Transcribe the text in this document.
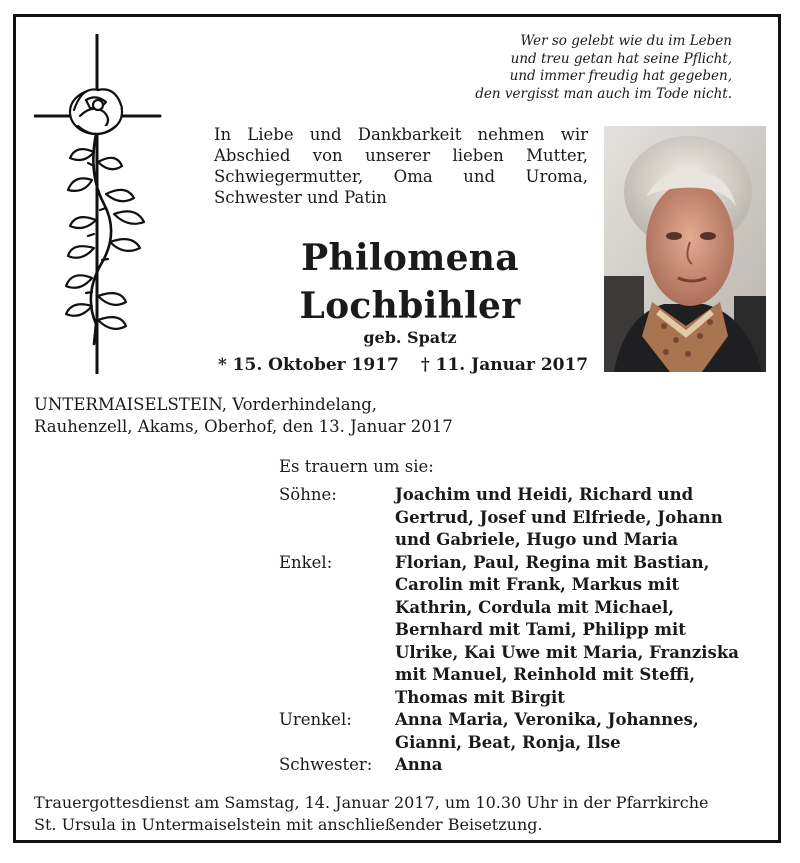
Wer so gelebt wie du im Leben
und treu getan hat seine Pflicht,
und immer freudig hat gegeben,
den vergisst man auch im Tode nicht.
In Liebe und Dankbarkeit nehmen wir
Abschied von unserer lieben Mutter,
Schwiegermutter, Oma und Uroma,
Schwester und Patin
Philomena
Lochbihler
geb. Spatz
* 15. Oktober 1917 † 11. Januar 2017
UNTERMAISELSTEIN, Vorderhindelang,
Rauhenzell, Akams, Oberhof, den 13. Januar 2017
Es trauern um sie:
Söhne:	Joachim und Heidi, Richard und
Gertrud, Josef und Elfriede, Johann
und Gabriele, Hugo und Maria
Enkel:	Florian, Paul, Regina mit Bastian,
Carolin mit Frank, Markus mit
Kathrin, Cordula mit Michael,
Bernhard mit Tami, Philipp mit
Ulrike, Kai Uwe mit Maria, Franziska
mit Manuel, Reinhold mit Steffi,
Thomas mit Birgit
Urenkel:	Anna Maria, Veronika, Johannes,
Gianni, Beat, Ronja, Ilse
Schwester:	Anna
Trauergottesdienst am Samstag, 14. Januar 2017, um 10.30 Uhr in der Pfarrkirche
St. Ursula in Untermaiselstein mit anschließender Beisetzung.
